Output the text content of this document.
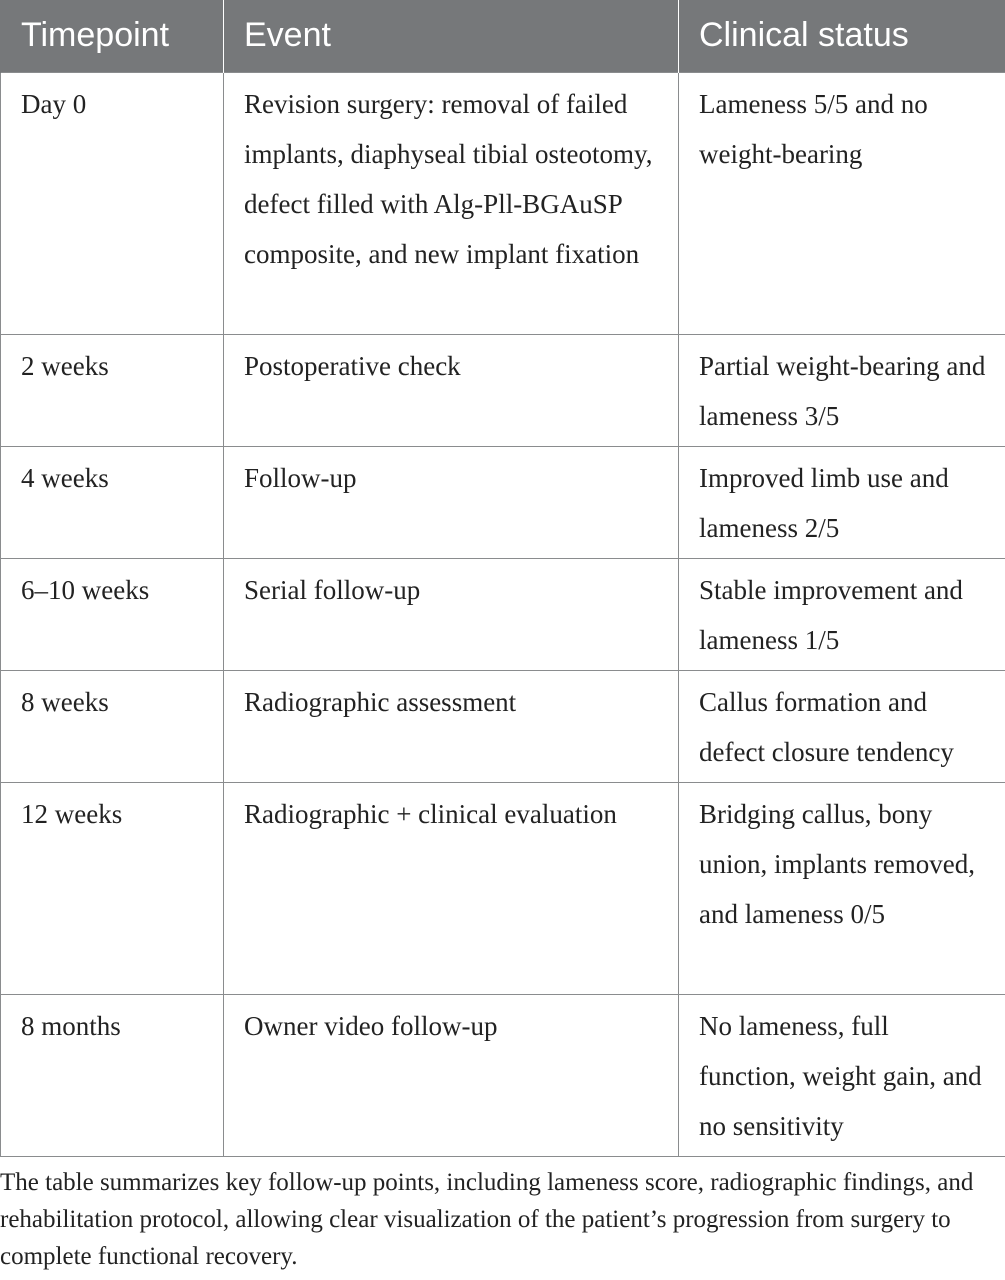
Timepoint	Event	Clinical status
Day 0	Revision surgery: removal of failed implants, diaphyseal tibial osteotomy, defect filled with Alg-Pll-BGAuSP composite, and new implant fixation	Lameness 5/5 and no weight-bearing
2 weeks	Postoperative check	Partial weight-bearing and lameness 3/5
4 weeks	Follow-up	Improved limb use and lameness 2/5
6–10 weeks	Serial follow-up	Stable improvement and lameness 1/5
8 weeks	Radiographic assessment	Callus formation and defect closure tendency
12 weeks	Radiographic + clinical evaluation	Bridging callus, bony union, implants removed, and lameness 0/5
8 months	Owner video follow-up	No lameness, full function, weight gain, and no sensitivity

The table summarizes key follow-up points, including lameness score, radiographic findings, and rehabilitation protocol, allowing clear visualization of the patient’s progression from surgery to complete functional recovery.
